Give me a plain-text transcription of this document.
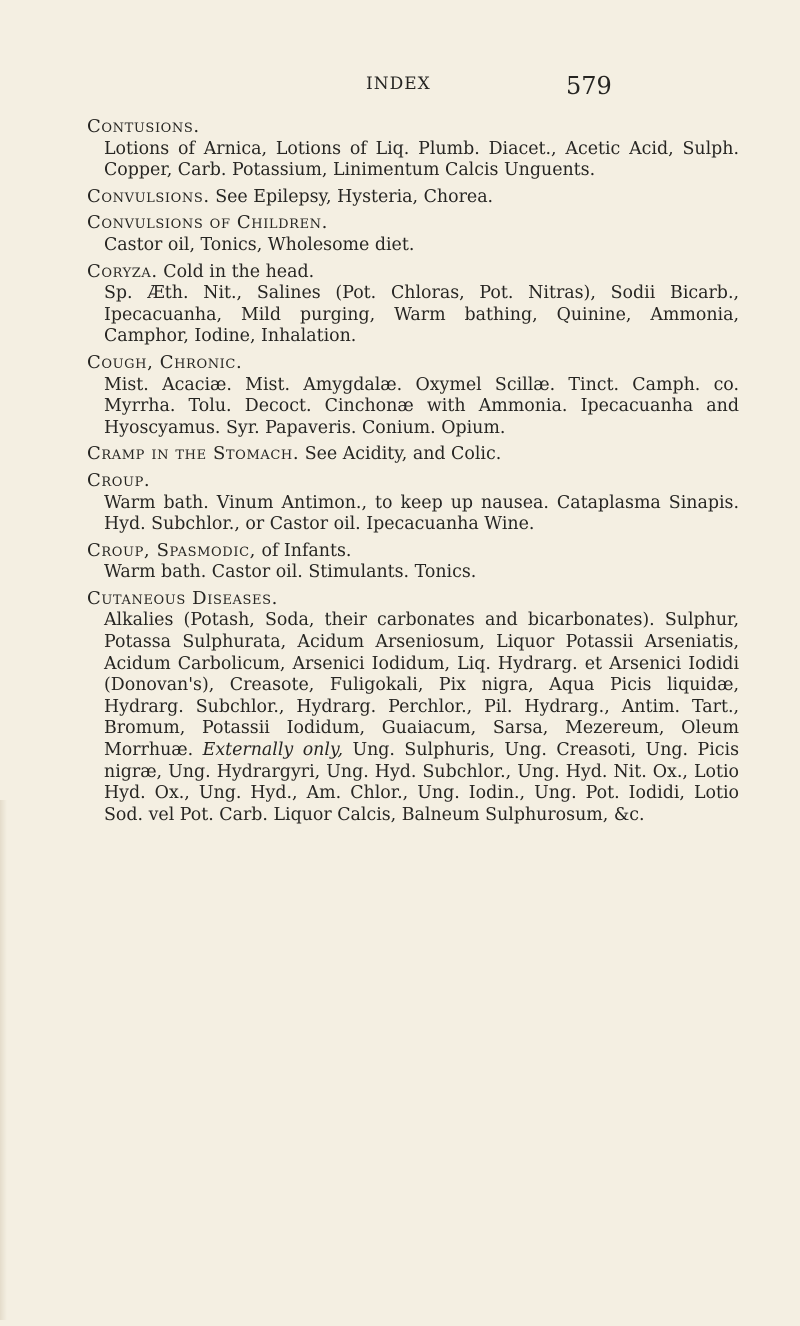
INDEX	579
Contusions.
Lotions of Arnica, Lotions of Liq. Plumb. Diacet., Acetic Acid, Sulph. Copper, Carb. Potassium, Linimentum Calcis Unguents.
Convulsions. See Epilepsy, Hysteria, Chorea.
Convulsions of Children.
Castor oil, Tonics, Wholesome diet.
Coryza. Cold in the head.
Sp. Æth. Nit., Salines (Pot. Chloras, Pot. Nitras), Sodii Bicarb., Ipecacuanha, Mild purging, Warm bathing, Quinine, Ammonia, Camphor, Iodine, Inhalation.
Cough, Chronic.
Mist. Acaciæ. Mist. Amygdalæ. Oxymel Scillæ. Tinct. Camph. co. Myrrha. Tolu. Decoct. Cinchonæ with Ammonia. Ipecacuanha and Hyoscyamus. Syr. Papaveris. Conium. Opium.
Cramp in the Stomach. See Acidity, and Colic.
Croup.
Warm bath. Vinum Antimon., to keep up nausea. Cataplasma Sinapis. Hyd. Subchlor., or Castor oil. Ipecacuanha Wine.
Croup, Spasmodic, of Infants.
Warm bath. Castor oil. Stimulants. Tonics.
Cutaneous Diseases.
Alkalies (Potash, Soda, their carbonates and bicarbonates). Sulphur, Potassa Sulphurata, Acidum Arseniosum, Liquor Potassii Arseniatis, Acidum Carbolicum, Arsenici Iodidum, Liq. Hydrarg. et Arsenici Iodidi (Donovan's), Creasote, Fuligokali, Pix nigra, Aqua Picis liquidæ, Hydrarg. Subchlor., Hydrarg. Perchlor., Pil. Hydrarg., Antim. Tart., Bromum, Potassii Iodidum, Guaiacum, Sarsa, Mezereum, Oleum Morrhuæ. Externally only, Ung. Sulphuris, Ung. Creasoti, Ung. Picis nigræ, Ung. Hydrargyri, Ung. Hyd. Subchlor., Ung. Hyd. Nit. Ox., Lotio Hyd. Ox., Ung. Hyd., Am. Chlor., Ung. Iodin., Ung. Pot. Iodidi, Lotio Sod. vel Pot. Carb. Liquor Calcis, Balneum Sulphurosum, &c.
